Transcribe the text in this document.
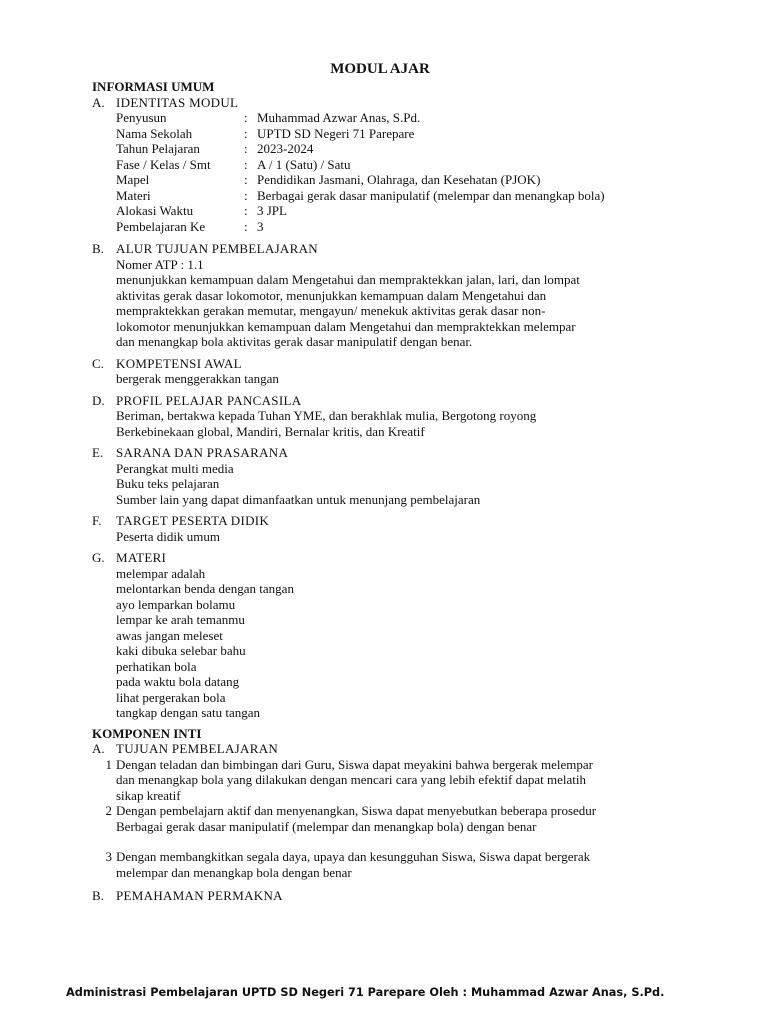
MODUL AJAR
INFORMASI UMUM
A. IDENTITAS MODUL
Penyusun	:	Muhammad Azwar Anas, S.Pd.
Nama Sekolah	:	UPTD SD Negeri 71 Parepare
Tahun Pelajaran	:	2023-2024
Fase / Kelas / Smt	:	A / 1 (Satu) / Satu
Mapel	:	Pendidikan Jasmani, Olahraga, dan Kesehatan (PJOK)
Materi	:	Berbagai gerak dasar manipulatif (melempar dan menangkap bola)
Alokasi Waktu	:	3 JPL
Pembelajaran Ke	:	3
B. ALUR TUJUAN PEMBELAJARAN
Nomer ATP : 1.1
menunjukkan kemampuan dalam Mengetahui dan mempraktekkan jalan, lari, dan lompat
aktivitas gerak dasar lokomotor, menunjukkan kemampuan dalam Mengetahui dan
mempraktekkan gerakan memutar, mengayun/ menekuk aktivitas gerak dasar non-
lokomotor menunjukkan kemampuan dalam Mengetahui dan mempraktekkan melempar
dan menangkap bola aktivitas gerak dasar manipulatif dengan benar.
C. KOMPETENSI AWAL
bergerak menggerakkan tangan
D. PROFIL PELAJAR PANCASILA
Beriman, bertakwa kepada Tuhan YME, dan berakhlak mulia, Bergotong royong
Berkebinekaan global, Mandiri, Bernalar kritis, dan Kreatif
E. SARANA DAN PRASARANA
Perangkat multi media
Buku teks pelajaran
Sumber lain yang dapat dimanfaatkan untuk menunjang pembelajaran
F.	TARGET PESERTA DIDIK
Peserta didik umum
G. MATERI
melempar adalah
melontarkan benda dengan tangan
ayo lemparkan bolamu
lempar ke arah temanmu
awas jangan meleset
kaki dibuka selebar bahu
perhatikan bola
pada waktu bola datang
lihat pergerakan bola
tangkap dengan satu tangan
KOMPONEN INTI
A. TUJUAN PEMBELAJARAN
1 Dengan teladan dan bimbingan dari Guru, Siswa dapat meyakini bahwa bergerak melempar
dan menangkap bola yang dilakukan dengan mencari cara yang lebih efektif dapat melatih
sikap kreatif
2 Dengan pembelajarn aktif dan menyenangkan, Siswa dapat menyebutkan beberapa prosedur
Berbagai gerak dasar manipulatif (melempar dan menangkap bola) dengan benar
3 Dengan membangkitkan segala daya, upaya dan kesungguhan Siswa, Siswa dapat bergerak
melempar dan menangkap bola dengan benar
B. PEMAHAMAN PERMAKNA
Administrasi Pembelajaran UPTD SD Negeri 71 Parepare Oleh : Muhammad Azwar Anas, S.Pd.
